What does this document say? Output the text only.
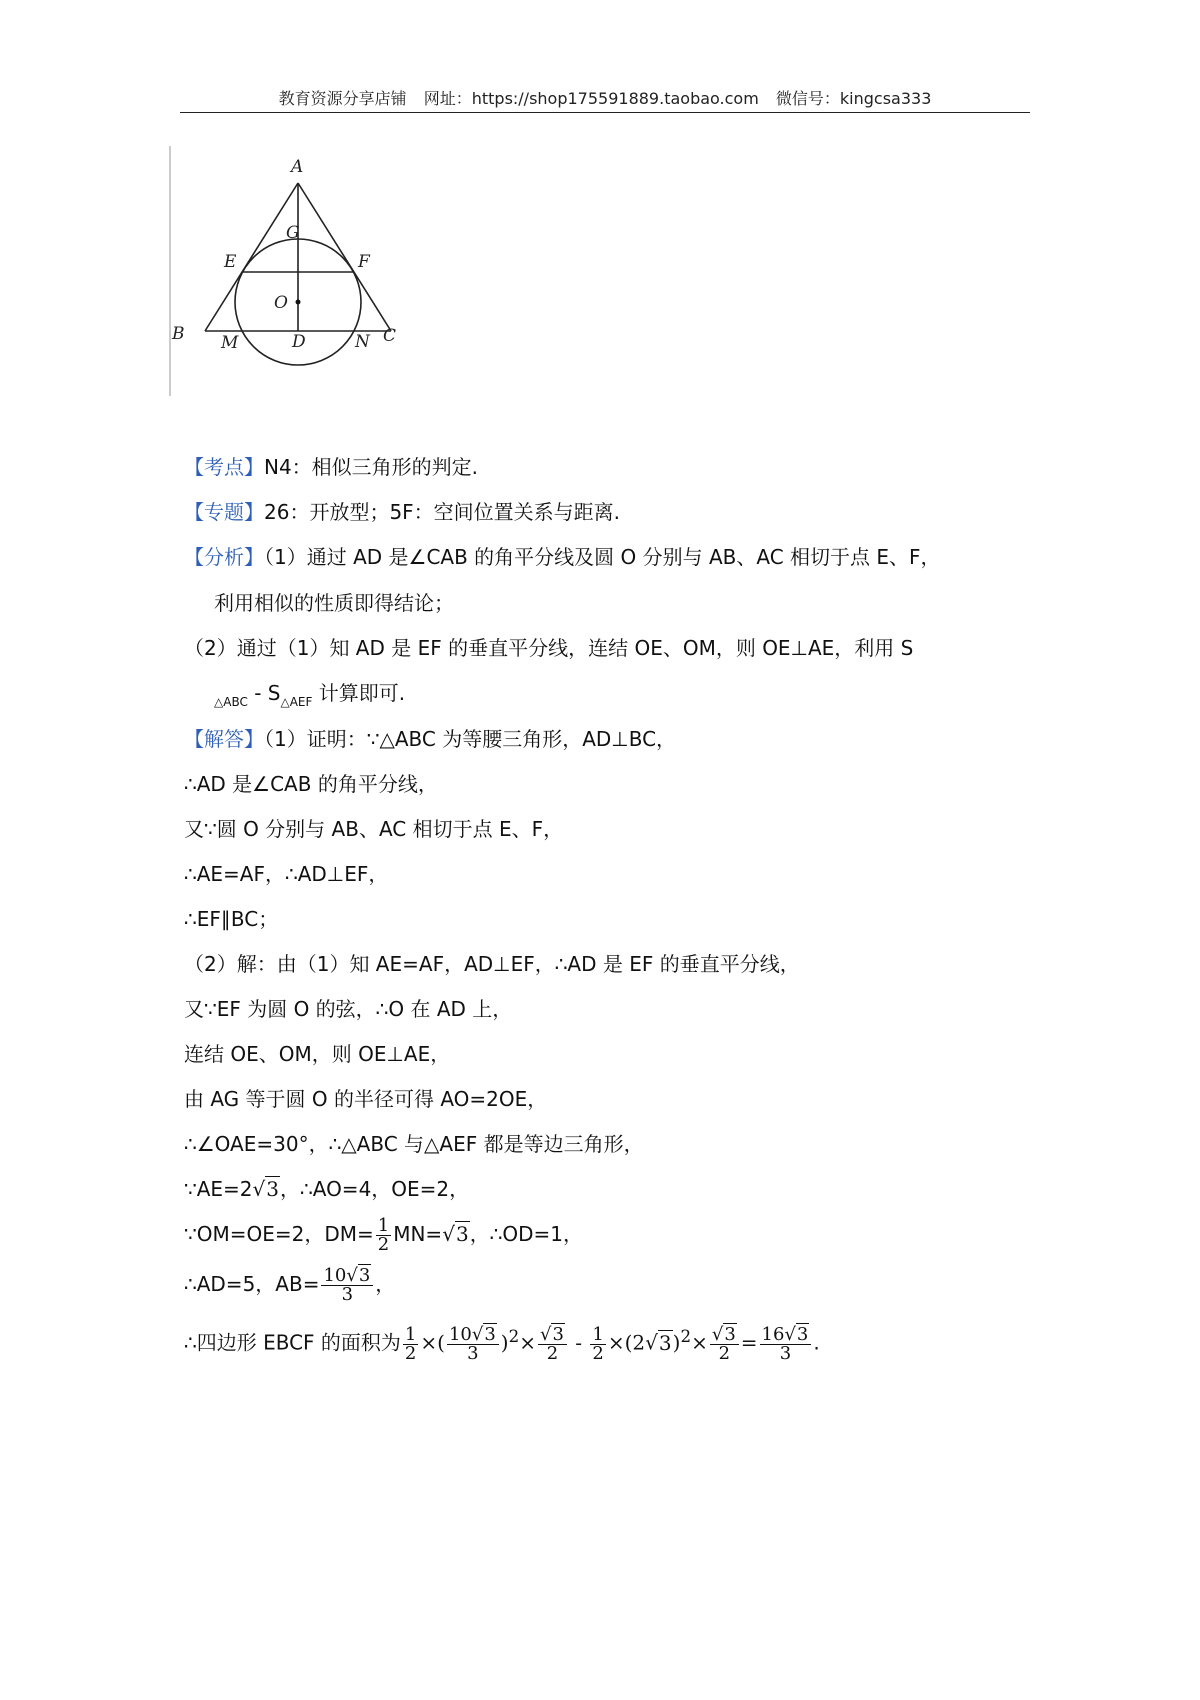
教育资源分享店铺 网址：https://shop175591889.taobao.com 微信号：kingcsa333
A
G
E	F
O
B M	D	N C
【考点】N4：相似三角形的判定.
【专题】26：开放型；5F：空间位置关系与距离.
【分析】（1）通过 AD 是∠CAB 的角平分线及圆 O 分别与 AB、AC 相切于点 E、F，
利用相似的性质即得结论；
（2）通过（1）知 AD 是 EF 的垂直平分线，连结 OE、OM，则 OE⊥AE，利用 S
$_{\triangle ABC} - S_{\triangle AEF}$ 计算即可.
【解答】（1）证明：∵△ABC 为等腰三角形，AD⊥BC，
∴AD 是∠CAB 的角平分线，
又∵圆 O 分别与 AB、AC 相切于点 E、F，
∴AE=AF，∴AD⊥EF，
∴EF∥BC；
（2）解：由（1）知 AE=AF，AD⊥EF，∴AD 是 EF 的垂直平分线，
又∵EF 为圆 O 的弦，∴O 在 AD 上，
连结 OE、OM，则 OE⊥AE，
由 AG 等于圆 O 的半径可得 AO=2OE，
∴∠OAE=30°，∴△ABC 与△AEF 都是等边三角形，
∵AE=2√3，∴AO=4，OE=2，
∵OM=OE=2，$DM= \frac{1}{2} MN=√3$，∴OD=1，
∴AD=5，$AB= \frac{10√3}{3}$ ，
∴四边形 EBCF 的面积为 $\frac{1}{2}$ ×( $\frac{10√3}{3} )^2\times \frac{√3}{2} - \frac{1}{2} \times(2√3)^2\times \frac{√3}{2} = \frac{16√3}{3}$ .
